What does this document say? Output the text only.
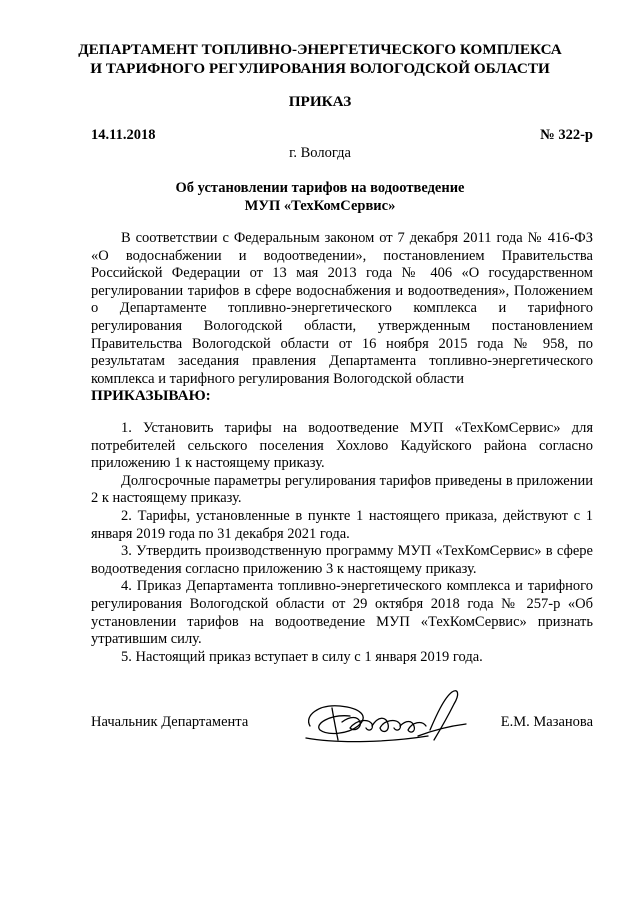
ДЕПАРТАМЕНТ ТОПЛИВНО-ЭНЕРГЕТИЧЕСКОГО КОМПЛЕКСА
И ТАРИФНОГО РЕГУЛИРОВАНИЯ ВОЛОГОДСКОЙ ОБЛАСТИ
ПРИКАЗ
14.11.2018	№ 322-р
г. Вологда
Об установлении тарифов на водоотведение
МУП «ТехКомСервис»

В соответствии с Федеральным законом от 7 декабря 2011 года № 416-ФЗ «О водоснабжении и водоотведении», постановлением Правительства Российской Федерации от 13 мая 2013 года № 406 «О государственном регулировании тарифов в сфере водоснабжения и водоотведения», Положением о Департаменте топливно-энергетического комплекса и тарифного регулирования Вологодской области, утвержденным постановлением Правительства Вологодской области от 16 ноября 2015 года № 958, по результатам заседания правления Департамента топливно-энергетического комплекса и тарифного регулирования Вологодской области

ПРИКАЗЫВАЮ:

1. Установить тарифы на водоотведение МУП «ТехКомСервис» для потребителей сельского поселения Хохлово Кадуйского района согласно приложению 1 к настоящему приказу.

Долгосрочные параметры регулирования тарифов приведены в приложении 2 к настоящему приказу.

2. Тарифы, установленные в пункте 1 настоящего приказа, действуют с 1 января 2019 года по 31 декабря 2021 года.

3. Утвердить производственную программу МУП «ТехКомСервис» в сфере водоотведения согласно приложению 3 к настоящему приказу.

4. Приказ Департамента топливно-энергетического комплекса и тарифного регулирования Вологодской области от 29 октября 2018 года № 257-р «Об установлении тарифов на водоотведение МУП «ТехКомСервис» признать утратившим силу.

5. Настоящий приказ вступает в силу с 1 января 2019 года.

Начальник Департамента	Е.М. Мазанова
